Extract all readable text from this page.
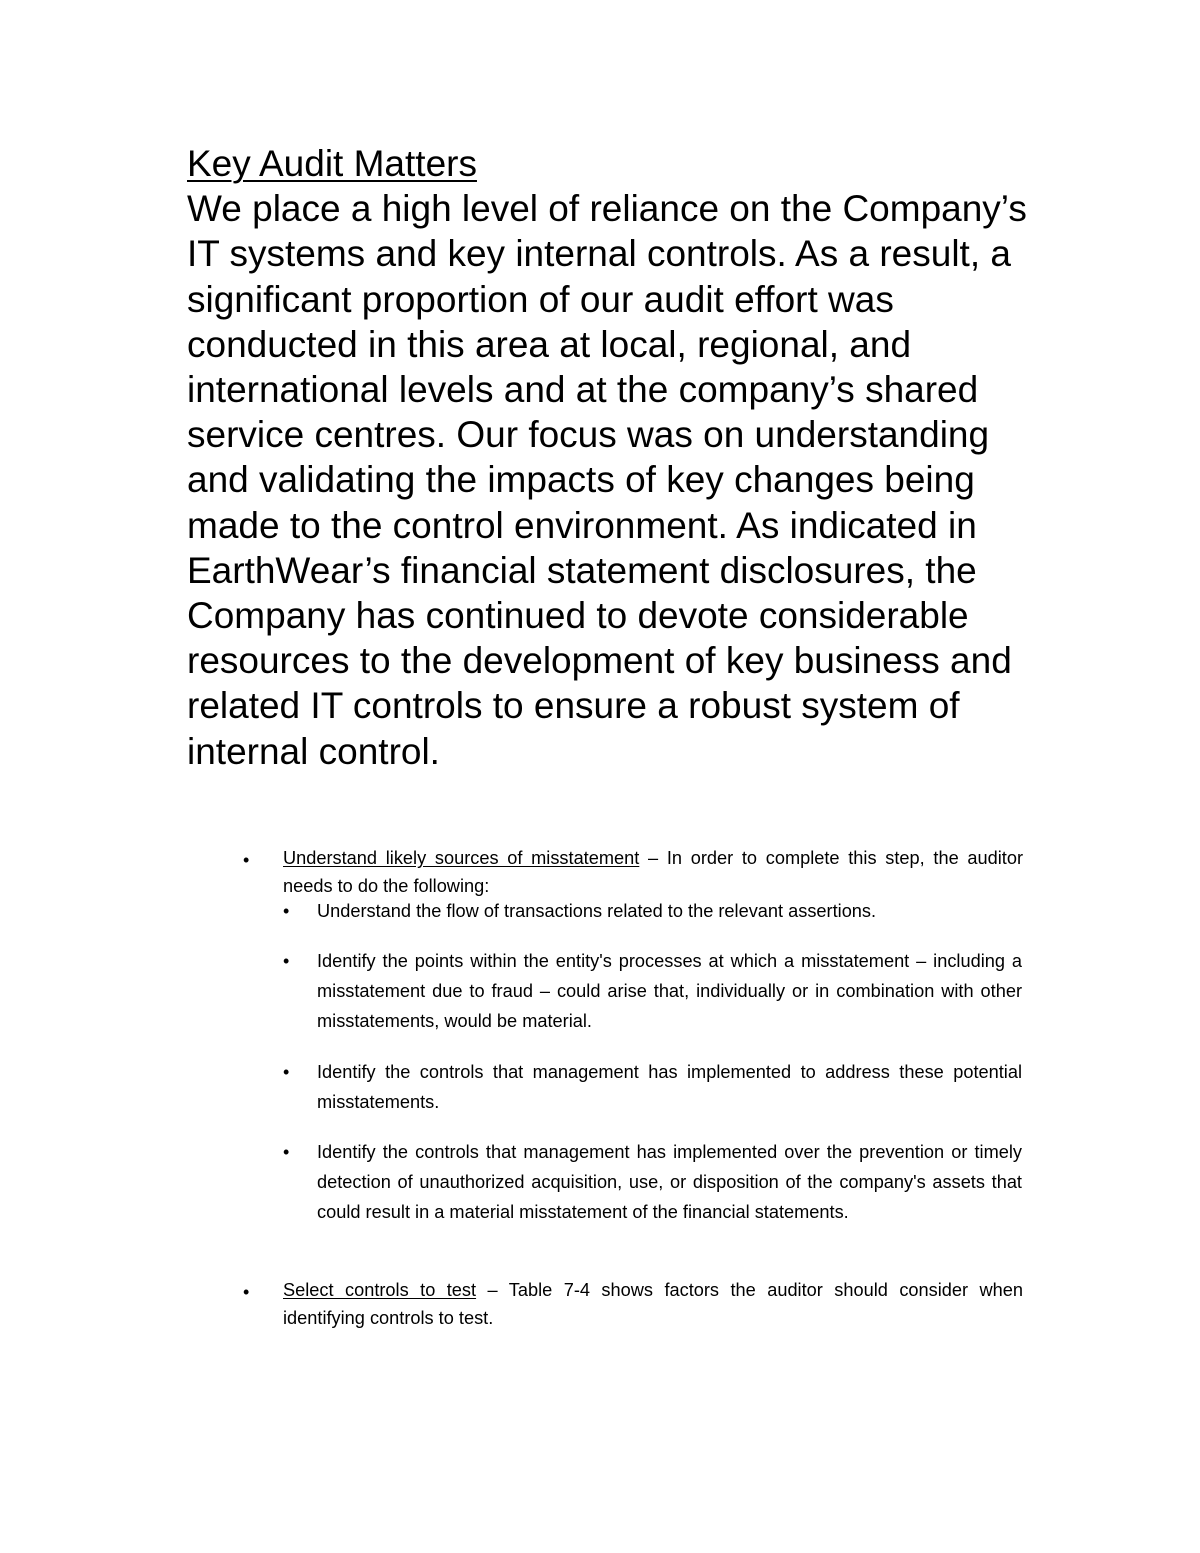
Key Audit Matters
We place a high level of reliance on the Company’s IT systems and key internal controls. As a result, a significant proportion of our audit effort was conducted in this area at local, regional, and international levels and at the company’s shared service centres. Our focus was on understanding and validating the impacts of key changes being made to the control environment. As indicated in EarthWear’s financial statement disclosures, the Company has continued to devote considerable resources to the development of key business and related IT controls to ensure a robust system of internal control.
• Understand likely sources of misstatement – In order to complete this step, the auditor needs to do the following:
• Understand the flow of transactions related to the relevant assertions.
• Identify the points within the entity's processes at which a misstatement – including a misstatement due to fraud – could arise that, individually or in combination with other misstatements, would be material.
• Identify the controls that management has implemented to address these potential misstatements.
• Identify the controls that management has implemented over the prevention or timely detection of unauthorized acquisition, use, or disposition of the company's assets that could result in a material misstatement of the financial statements.
• Select controls to test – Table 7-4 shows factors the auditor should consider when identifying controls to test.
